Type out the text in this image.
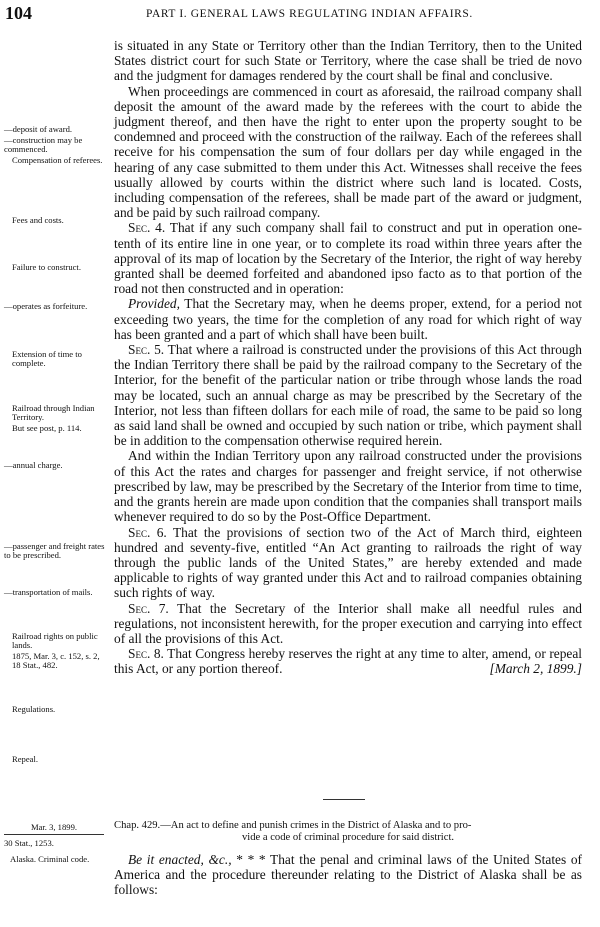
104	PART I. GENERAL LAWS REGULATING INDIAN AFFAIRS.
—deposit of award.
—construction may be commenced.
Compensation of referees.
Fees and costs.
Failure to construct.
—operates as forfeiture.
Extension of time to complete.
Railroad through Indian Territory.
But see post, p. 114.
—annual charge.
—passenger and freight rates to be prescribed.
—transportation of mails.
Railroad rights on public lands.
1875, Mar. 3, c. 152, s. 2, 18 Stat., 482.
Regulations.
Repeal.

is situated in any State or Territory other than the Indian Territory, then to the United States district court for such State or Territory, where the case shall be tried de novo and the judgment for damages rendered by the court shall be final and conclusive.

When proceedings are commenced in court as aforesaid, the railroad company shall deposit the amount of the award made by the referees with the court to abide the judgment thereof, and then have the right to enter upon the property sought to be condemned and proceed with the construction of the railway. Each of the referees shall receive for his compensation the sum of four dollars per day while engaged in the hearing of any case submitted to them under this Act. Witnesses shall receive the fees usually allowed by courts within the district where such land is located. Costs, including compensation of the referees, shall be made part of the award or judgment, and be paid by such railroad company.

Sec. 4. That if any such company shall fail to construct and put in operation one-tenth of its entire line in one year, or to complete its road within three years after the approval of its map of location by the Secretary of the Interior, the right of way hereby granted shall be deemed forfeited and abandoned ipso facto as to that portion of the road not then constructed and in operation:

Provided, That the Secretary may, when he deems proper, extend, for a period not exceeding two years, the time for the completion of any road for which right of way has been granted and a part of which shall have been built.

Sec. 5. That where a railroad is constructed under the provisions of this Act through the Indian Territory there shall be paid by the railroad company to the Secretary of the Interior, for the benefit of the particular nation or tribe through whose lands the road may be located, such an annual charge as may be prescribed by the Secretary of the Interior, not less than fifteen dollars for each mile of road, the same to be paid so long as said land shall be owned and occupied by such nation or tribe, which payment shall be in addition to the compensation otherwise required herein.

And within the Indian Territory upon any railroad constructed under the provisions of this Act the rates and charges for passenger and freight service, if not otherwise prescribed by law, may be prescribed by the Secretary of the Interior from time to time, and the grants herein are made upon condition that the companies shall transport mails whenever required to do so by the Post-Office Department.

Sec. 6. That the provisions of section two of the Act of March third, eighteen hundred and seventy-five, entitled “An Act granting to railroads the right of way through the public lands of the United States,” are hereby extended and made applicable to rights of way granted under this Act and to railroad companies obtaining such rights of way.

Sec. 7. That the Secretary of the Interior shall make all needful rules and regulations, not inconsistent herewith, for the proper execution and carrying into effect of all the provisions of this Act.

Sec. 8. That Congress hereby reserves the right at any time to alter, amend, or repeal this Act, or any portion thereof.	[March 2, 1899.]

Mar. 3, 1899.
30 Stat., 1253.
Alaska. Criminal code.
Chap. 429.—An act to define and punish crimes in the District of Alaska and to pro-
vide a code of criminal procedure for said district.
Be it enacted, &c., * * * That the penal and criminal laws of the United States of America and the procedure thereunder relating to the District of Alaska shall be as follows:
